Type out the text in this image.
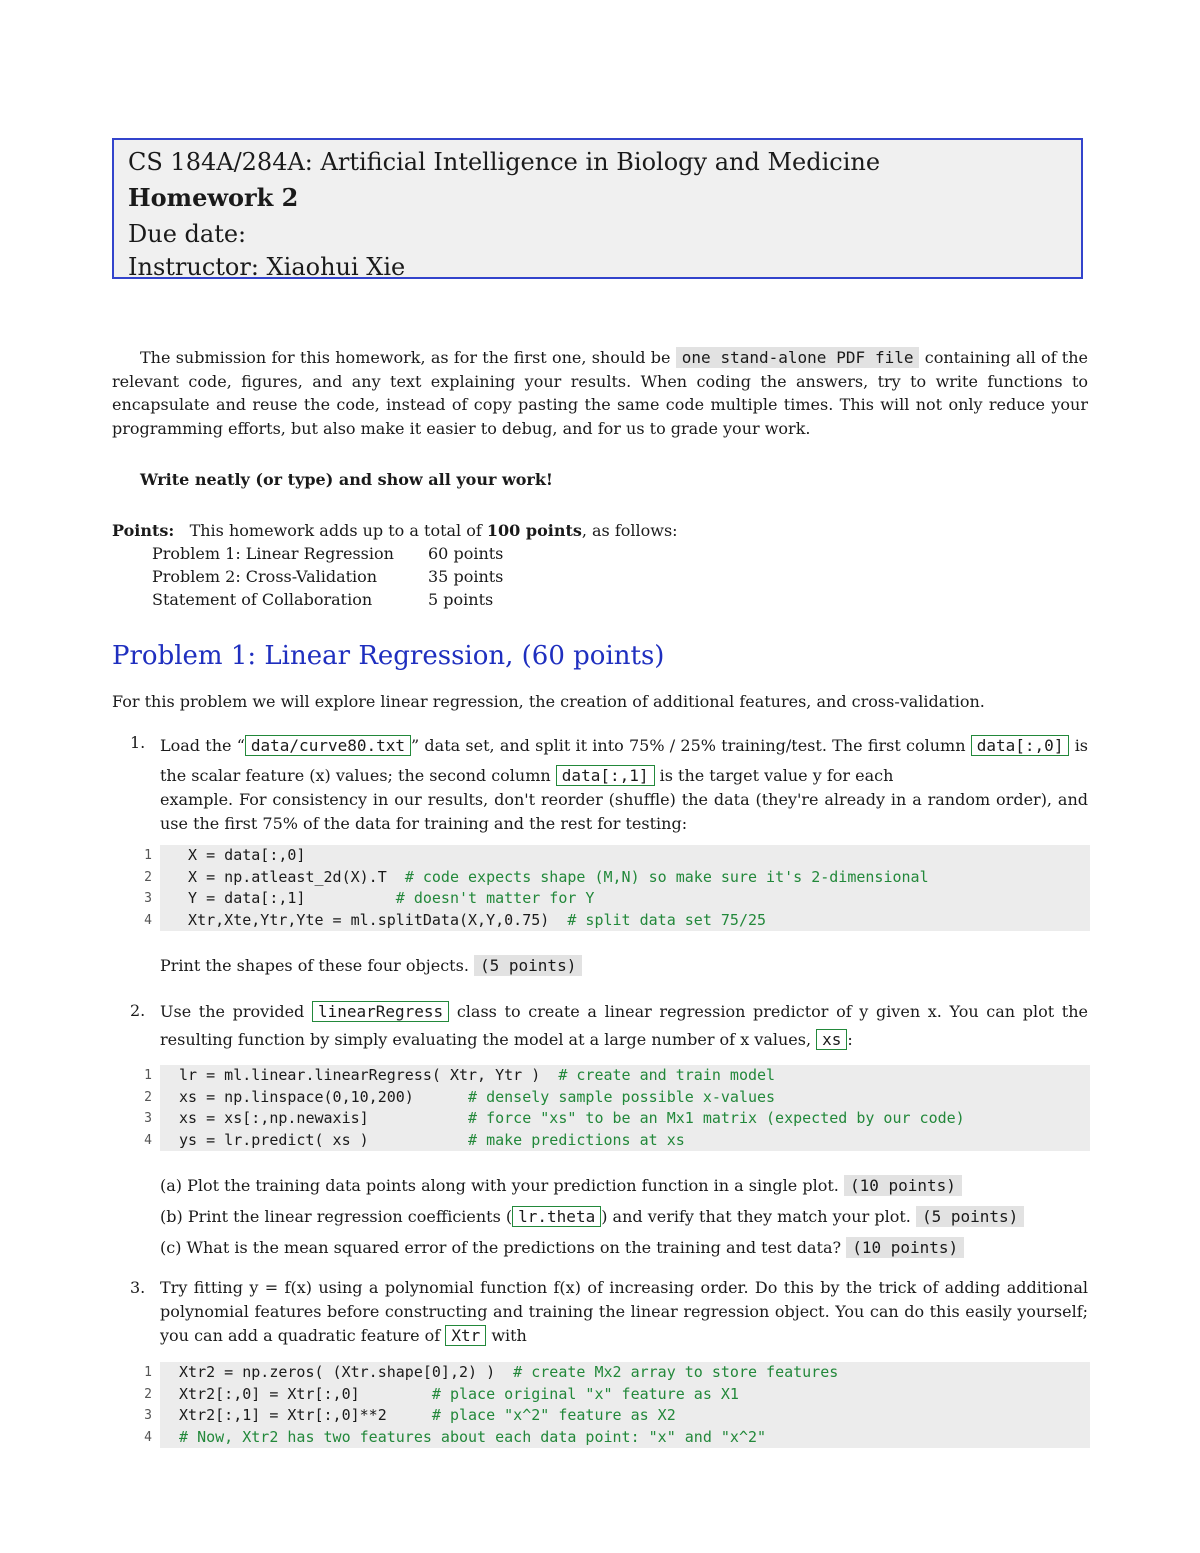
CS 184A/284A: Artificial Intelligence in Biology and Medicine
Homework 2
Due date:
Instructor: Xiaohui Xie
The submission for this homework, as for the first one, should be one stand-alone PDF file containing all of the relevant code, figures, and any text explaining your results. When coding the answers, try to write functions to encapsulate and reuse the code, instead of copy pasting the same code multiple times. This will not only reduce your programming efforts, but also make it easier to debug, and for us to grade your work.
Write neatly (or type) and show all your work!
Points: This homework adds up to a total of 100 points, as follows:
Problem 1: Linear Regression 60 points
Problem 2: Cross-Validation	35 points
Statement of Collaboration	5 points
Problem 1: Linear Regression, (60 points)
For this problem we will explore linear regression, the creation of additional features, and cross-validation.
1. Load the “ data/curve80.txt ” data set, and split it into 75% / 25% training/test. The first column data[:,0] is the scalar feature (x) values; the second column data[:,1] is the target value y for each
example. For consistency in our results, don't reorder (shuffle) the data (they're already in a random order), and use the first 75% of the data for training and the rest for testing:
X = data[:,0]
X = np.atleast_2d(X).T  # code expects shape (M,N) so make sure it's 2-dimensional
Y = data[:,1]          # doesn't matter for Y
Xtr,Xte,Ytr,Yte = ml.splitData(X,Y,0.75)  # split data set 75/25
1
2
3
4
Print the shapes of these four objects. (5 points)
2. Use the provided linearRegress class to create a linear regression predictor of y given x. You can plot the resulting function by simply evaluating the model at a large number of x values, xs :
lr = ml.linear.linearRegress( Xtr, Ytr )  # create and train model
xs = np.linspace(0,10,200)      # densely sample possible x-values
xs = xs[:,np.newaxis]           # force "xs" to be an Mx1 matrix (expected by our code)
ys = lr.predict( xs )           # make predictions at xs
1
2
3
4
(a) Plot the training data points along with your prediction function in a single plot. (10 points)
(b) Print the linear regression coefficients ( lr.theta ) and verify that they match your plot. (5 points)
(c) What is the mean squared error of the predictions on the training and test data? (10 points)
3. Try fitting y = f(x) using a polynomial function f(x) of increasing order. Do this by the trick of adding additional polynomial features before constructing and training the linear regression object. You can do this easily yourself; you can add a quadratic feature of Xtr with
Xtr2 = np.zeros( (Xtr.shape[0],2) )  # create Mx2 array to store features
Xtr2[:,0] = Xtr[:,0]        # place original "x" feature as X1
Xtr2[:,1] = Xtr[:,0]**2     # place "x^2" feature as X2
# Now, Xtr2 has two features about each data point: "x" and "x^2"
1
2
3
4
